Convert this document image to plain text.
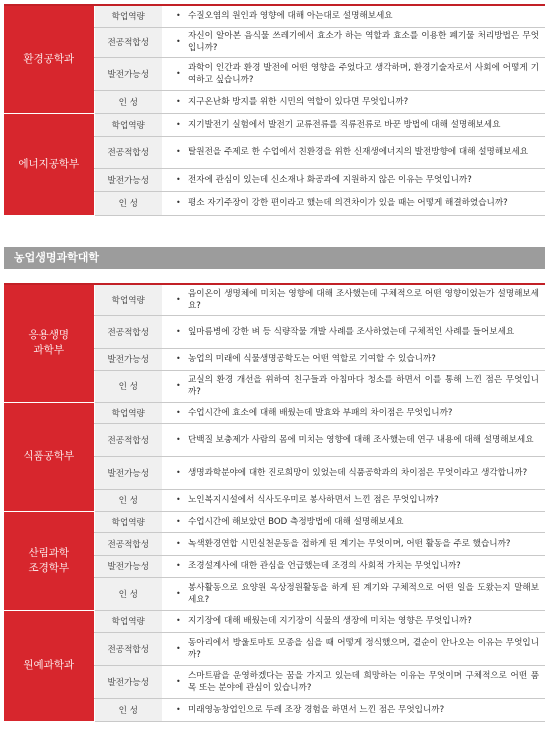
환경공학과	학업역량	• 수질오염의 원인과 영향에 대해 아는대로 설명해보세요

	전공적합성	•
자신이 알아본 음식물 쓰레기에서 효소가 하는 역할과 효소를 이용한 폐기물 처리방법은 무엇입니까?

	발전가능성	•
과학이 인간과 환경 발전에 어떤 영향을 주었다고 생각하며, 환경기술자로서 사회에 어떻게 기여하고 싶습니까?

	인 성	• 지구온난화 방지를 위한 시민의 역할이 있다면 무엇입니까?

에너지공학부	학업역량	• 지기발전기 실험에서 발전기 교류전류를 직류전류로 바꾼 방법에 대해 설명해보세요

	전공적합성	• 탈원전을 주제로 한 수업에서 친환경을 위한 신재생에너지의 발전방향에 대해 설명해보세요

	발전가능성	• 전자에 관심이 있는데 신소재나 화공과에 지원하지 않은 이유는 무엇입니까?

	인 성	• 평소 자기주장이 강한 편이라고 했는데 의견차이가 있을 때는 어떻게 해결하였습니까?
농업생명과학대학
응용생명
과학부	학업역량	•
음이온이 생명체에 미치는 영향에 대해 조사했는데 구체적으로 어떤 영향이었는가 설명해보세요?

	전공적합성	• 잎마름병에 강한 벼 등 식량작물 개발 사례를 조사하였는데 구체적인 사례를 들어보세요

	발전가능성	• 농업의 미래에 식물생명공학도는 어떤 역할로 기여할 수 있습니까?

	인 성	•
교실의 환경 개선을 위하여 친구들과 아침마다 청소를 하면서 이를 통해 느낀 점은 무엇입니까?

식품공학부	학업역량	• 수업시간에 효소에 대해 배웠는데 발효와 부패의 차이점은 무엇입니까?

	전공적합성	• 단백질 보충제가 사람의 몸에 미치는 영향에 대해 조사했는데 연구 내용에 대해 설명해보세요

	발전가능성	• 생명과학분야에 대한 진로희망이 있었는데 식품공학과의 차이점은 무엇이라고 생각합니까?

	인 성	• 노인복지시설에서 식사도우미로 봉사하면서 느낀 점은 무엇입니까?

산림과학
조경학부	학업역량	• 수업시간에 해보았던 BOD 측정방법에 대해 설명해보세요

	전공적합성	• 녹색환경연합 시민실천운동을 접하게 된 계기는 무엇이며, 어떤 활동을 주로 했습니까?

	발전가능성	• 조경설계사에 대한 관심을 언급했는데 조경의 사회적 가치는 무엇입니까?

	인 성	•
봉사활동으로 요양원 옥상정원활동을 하게 된 계기와 구체적으로 어떤 일을 도왔는지 말해보세요?

원예과학과	학업역량	• 지기장에 대해 배웠는데 지기장이 식물의 생장에 미치는 영향은 무엇입니까?

	전공적합성	•
동아리에서 방울토마토 모종을 심을 때 어떻게 정식했으며, 곁순이 안나오는 이유는 무엇입니까?

	발전가능성	•
스마트팜을 운영하겠다는 꿈을 가지고 있는데 희망하는 이유는 무엇이며 구체적으로 어떤 품목 또는 분야에 관심이 있습니까?

	인 성	• 미래영농창업인으로 두레 조장 경험을 하면서 느낀 점은 무엇입니까?
